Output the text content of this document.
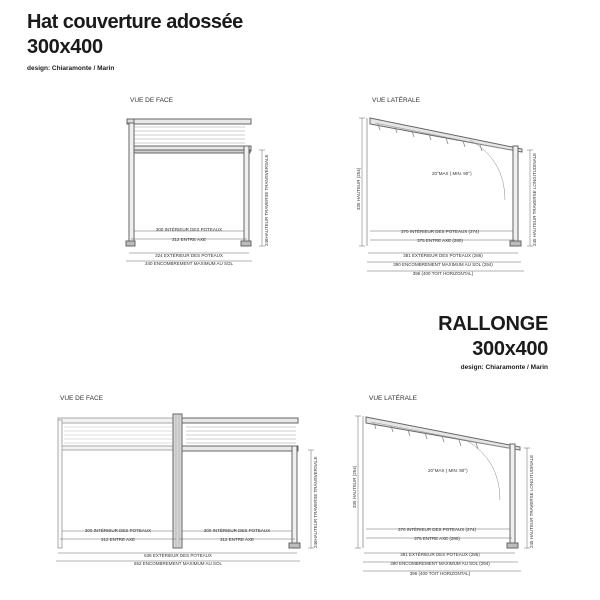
Hat couverture adossée
300x400
design: Chiaramonte / Marin
RALLONGE
300x400
design: Chiaramonte / Marin
VUE DE FACE
246HAUTEUR TRAVERSE TRANSVERSALE
300 INTÉRIEUR DES POTEAUX
312 ENTRE AXE
324 EXTÉRIEUR DES POTEAUX
340 ENCOMBREMENT MAXIMUM AU SOL
VUE LATÉRALE
20°MAX ( MIN. 90°)
335 HAUTEUR (254)	245 HAUTEUR TRAVERSE LONGITUDINALE
370 INTÉRIEUR DES POTEAUX (274)
375 ENTRE AXE (280)
381 EXTÉRIEUR DES POTEAUX (286)
390 ENCOMBREMENT MAXIMUM AU SOL (294)
396 (400 TOIT HORIZONTAL)
VUE DE FACE
246HAUTEUR TRAVERSE TRANSVERSALE
300 INTÉRIEUR DES POTEAUX	300 INTÉRIEUR DES POTEAUX
312 ENTRE AXE	312 ENTRE AXE
636 EXTÉRIEUR DES POTEAUX
652 ENCOMBREMENT MAXIMUM AU SOL
VUE LATÉRALE
20°MAX ( MIN. 90°)
335 HAUTEUR (254)	245 HAUTEUR TRAVERSE LONGITUDINALE
370 INTÉRIEUR DES POTEAUX (274)
375 ENTRE AXE (280)
381 EXTÉRIEUR DES POTEAUX (286)
390 ENCOMBREMENT MAXIMUM AU SOL (294)
396 (400 TOIT HORIZONTAL)
